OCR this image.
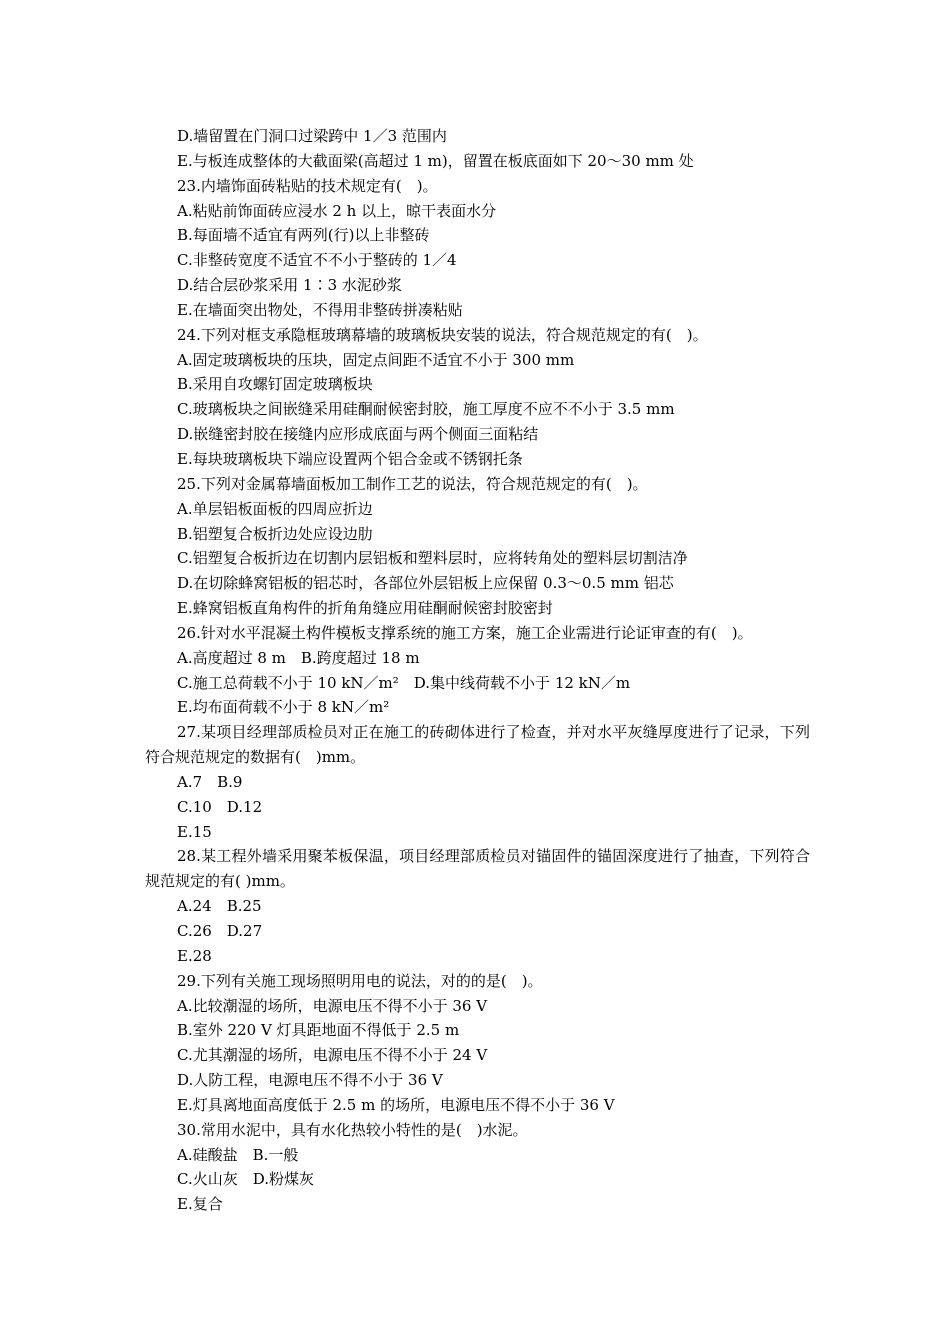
D.墙留置在门洞口过梁跨中 1／3 范围内
E.与板连成整体的大截面梁(高超过 1 m)，留置在板底面如下 20～30 mm 处
23.内墙饰面砖粘贴的技术规定有(　)。
A.粘贴前饰面砖应浸水 2 h 以上，晾干表面水分
B.每面墙不适宜有两列(行)以上非整砖
C.非整砖宽度不适宜不不小于整砖的 1／4
D.结合层砂浆采用 1∶3 水泥砂浆
E.在墙面突出物处，不得用非整砖拼凑粘贴
24.下列对框支承隐框玻璃幕墙的玻璃板块安装的说法，符合规范规定的有(　)。
A.固定玻璃板块的压块，固定点间距不适宜不小于 300 mm
B.采用自攻螺钉固定玻璃板块
C.玻璃板块之间嵌缝采用硅酮耐候密封胶，施工厚度不应不不小于 3.5 mm
D.嵌缝密封胶在接缝内应形成底面与两个侧面三面粘结
E.每块玻璃板块下端应设置两个铝合金或不锈钢托条
25.下列对金属幕墙面板加工制作工艺的说法，符合规范规定的有(　)。
A.单层铝板面板的四周应折边
B.铝塑复合板折边处应设边肋
C.铝塑复合板折边在切割内层铝板和塑料层时，应将转角处的塑料层切割洁净
D.在切除蜂窝铝板的铝芯时，各部位外层铝板上应保留 0.3～0.5 mm 铝芯
E.蜂窝铝板直角构件的折角角缝应用硅酮耐候密封胶密封
26.针对水平混凝土构件模板支撑系统的施工方案，施工企业需进行论证审查的有(　)。
A.高度超过 8 m　B.跨度超过 18 m
C.施工总荷载不小于 10 kN／m²　D.集中线荷载不小于 12 kN／m
E.均布面荷载不小于 8 kN／m²
27.某项目经理部质检员对正在施工的砖砌体进行了检查，并对水平灰缝厚度进行了记录，下列符合规范规定的数据有(　)mm。
A.7　B.9
C.10　D.12
E.15
28.某工程外墙采用聚苯板保温，项目经理部质检员对锚固件的锚固深度进行了抽查，下列符合规范规定的有( )mm。
A.24　B.25
C.26　D.27
E.28
29.下列有关施工现场照明用电的说法，对的的是(　)。
A.比较潮湿的场所，电源电压不得不小于 36 V
B.室外 220 V 灯具距地面不得低于 2.5 m
C.尤其潮湿的场所，电源电压不得不小于 24 V
D.人防工程，电源电压不得不小于 36 V
E.灯具离地面高度低于 2.5 m 的场所，电源电压不得不小于 36 V
30.常用水泥中，具有水化热较小特性的是(　)水泥。
A.硅酸盐　B.一般
C.火山灰　D.粉煤灰
E.复合
